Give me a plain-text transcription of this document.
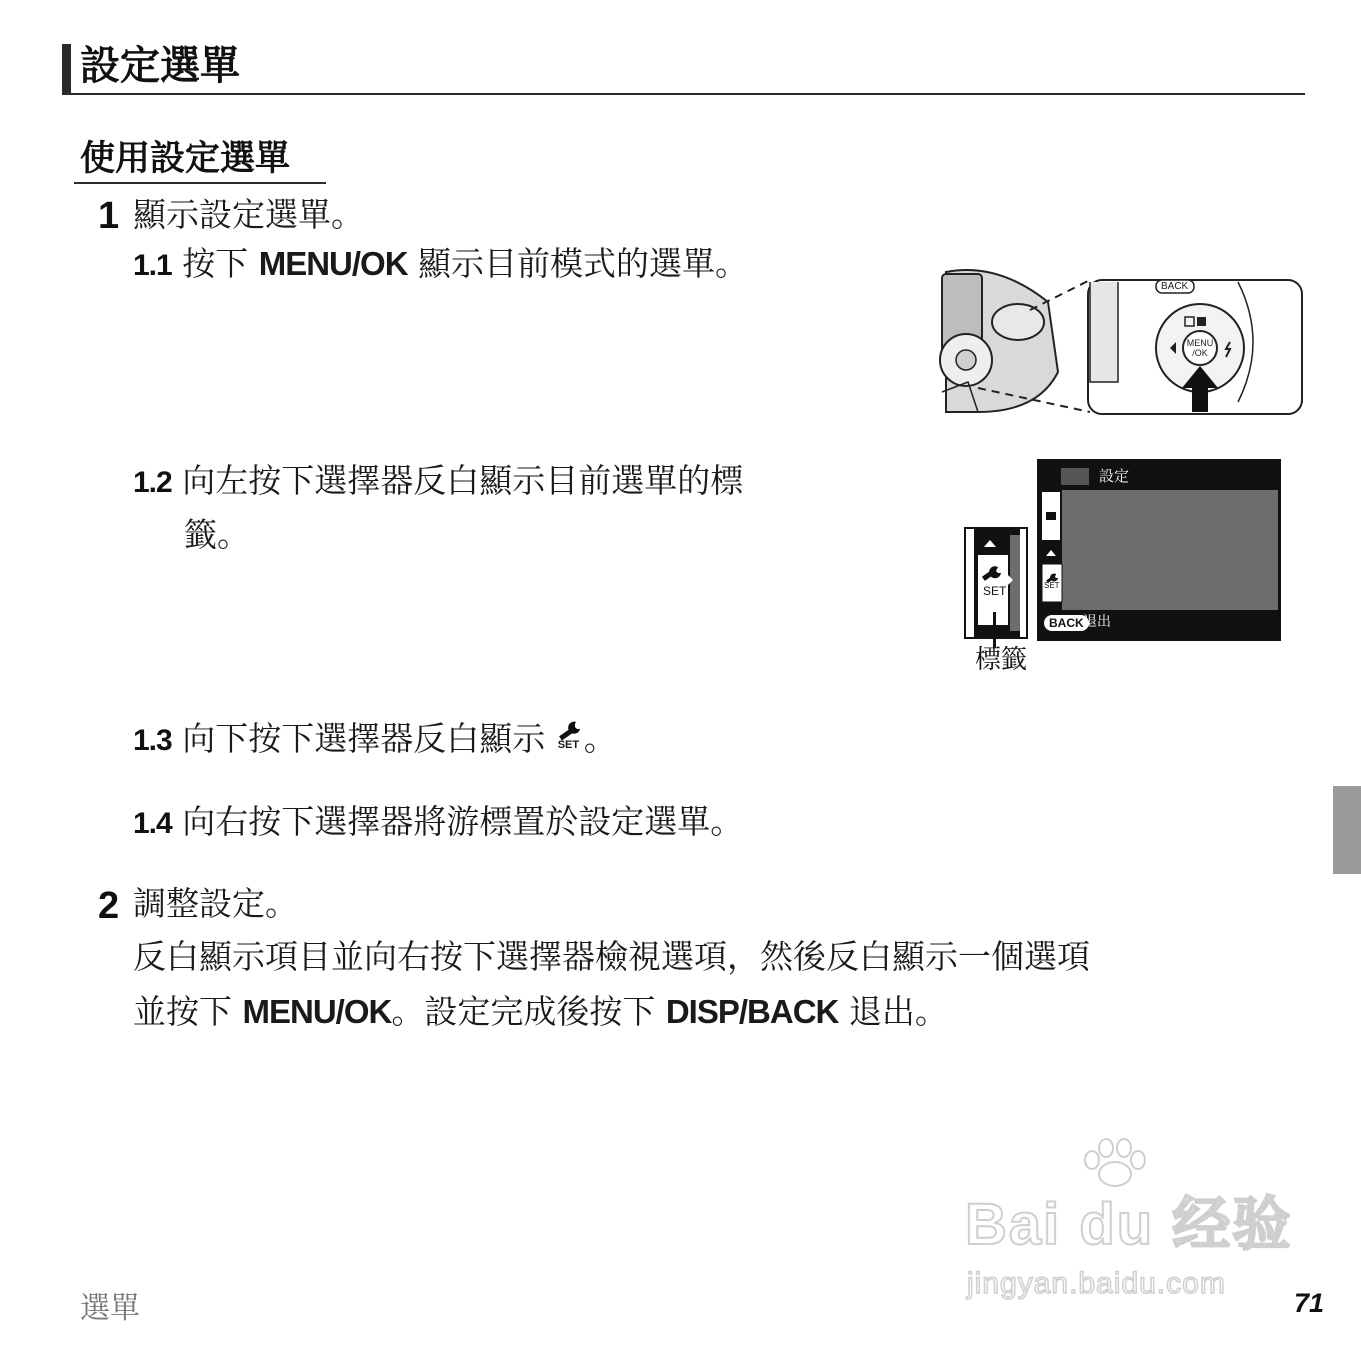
設定選單
使用設定選單
1 顯示設定選單。
1.1 按下 MENU/OK 顯示目前模式的選單。
1.2 向左按下選擇器反白顯示目前選單的標
籤。
1.3 向下按下選擇器反白顯示 SET 。
1.4 向右按下選擇器將游標置於設定選單。
2 調整設定。
反白顯示項目並向右按下選擇器檢視選項，然後反白顯示一個選項
並按下 MENU/OK。設定完成後按下 DISP/BACK 退出。
BACK
MENU /OK
設定
SET
BACK 退出
SET
標籤
Bai du 经验
jingyan.baidu.com
選單	71
